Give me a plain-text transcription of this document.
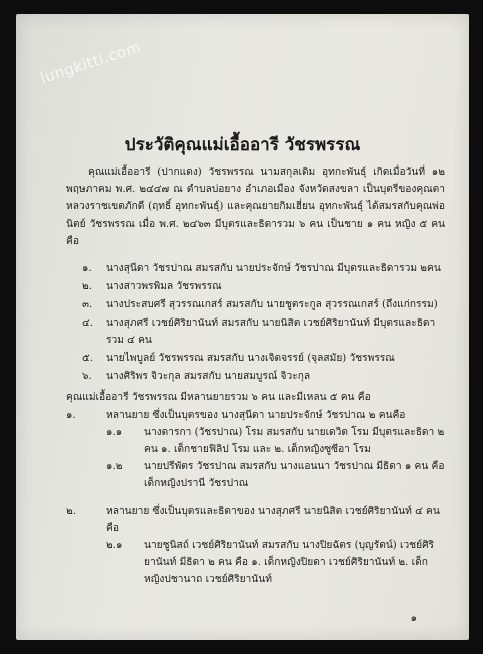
lungkitti.com
ประวัติคุณแม่เอื้ออารี วัชรพรรณ

คุณแม่เอื้ออารี (ปากแดง) วัชรพรรณ นามสกุลเดิม อุทกะพันธุ์ เกิดเมื่อวันที่ ๑๒ พฤษภาคม พ.ศ. ๒๔๔๗ ณ ตำบลบ่อยาง อำเภอเมือง จังหวัดสงขลา เป็นบุตรีของคุณตาหลวงราชเขตภักดี (ฤทธิ์ อุทกะพันธุ์) และคุณยายกิมเฮี่ยน อุทกะพันธุ์ ได้สมรสกับคุณพ่อนิตย์ วัชรพรรณ เมื่อ พ.ศ. ๒๔๖๓ มีบุตรและธิดารวม ๖ คน เป็นชาย ๑ คน หญิง ๕ คน คือ

๑.	นางสุนีดา วัชรปาณ สมรสกับ นายประจักษ์ วัชรปาณ มีบุตรและธิดารวม ๒คน
๒.	นางสาวพรพิมล วัชรพรรณ
๓.	นางประสบศรี สุวรรณเกสร์ สมรสกับ นายชูตระกูล สุวรรณเกสร์ (ถึงแก่กรรม)
๔.	นางสุภศรี เวชย์ศิริยานันท์ สมรสกับ นายนิสิต เวชย์ศิริยานันท์ มีบุตรและธิดารวม ๔ คน
๕.	นายไพบูลย์ วัชรพรรณ สมรสกับ นางเจิดจรรย์ (จุลสมัย) วัชรพรรณ
๖.	นางศิริพร จิวะกุล สมรสกับ นายสมบูรณ์ จิวะกุล

คุณแม่เอื้ออารี วัชรพรรณ มีหลานยายรวม ๖ คน และมีเหลน ๕ คน คือ

๑.	หลานยาย ซึ่งเป็นบุตรของ นางสุนีดา นายประจักษ์ วัชรปาณ ๒ คนคือ
๑.๑	นางดารกา (วัชรปาณ) โรม สมรสกับ นายเดวิด โรม มีบุตรและธิดา ๒ คน ๑. เด็กชายฟิลิป โรม และ ๒. เด็กหญิงซูซีอา โรม
๑.๒	นายปรีพัตร วัชรปาณ สมรสกับ นางแอนนา วัชรปาณ มีธิดา ๑ คน คือ เด็กหญิงปรานี วัชรปาณ
๒.	หลานยาย ซึ่งเป็นบุตรและธิดาของ นางสุภศรี นายนิสิต เวชย์ศิริยานันท์ ๔ คน คือ
๒.๑	นายชูนิสถ์ เวชย์ศิริยานันท์ สมรสกับ นางปิยฉัตร (บุญรัตน์) เวชย์ศิริยานันท์ มีธิดา ๒ คน คือ ๑. เด็กหญิงปิยดา เวชย์ศิริยานันท์ ๒. เด็กหญิงปชานาถ เวชย์ศิริยานันท์
๑
